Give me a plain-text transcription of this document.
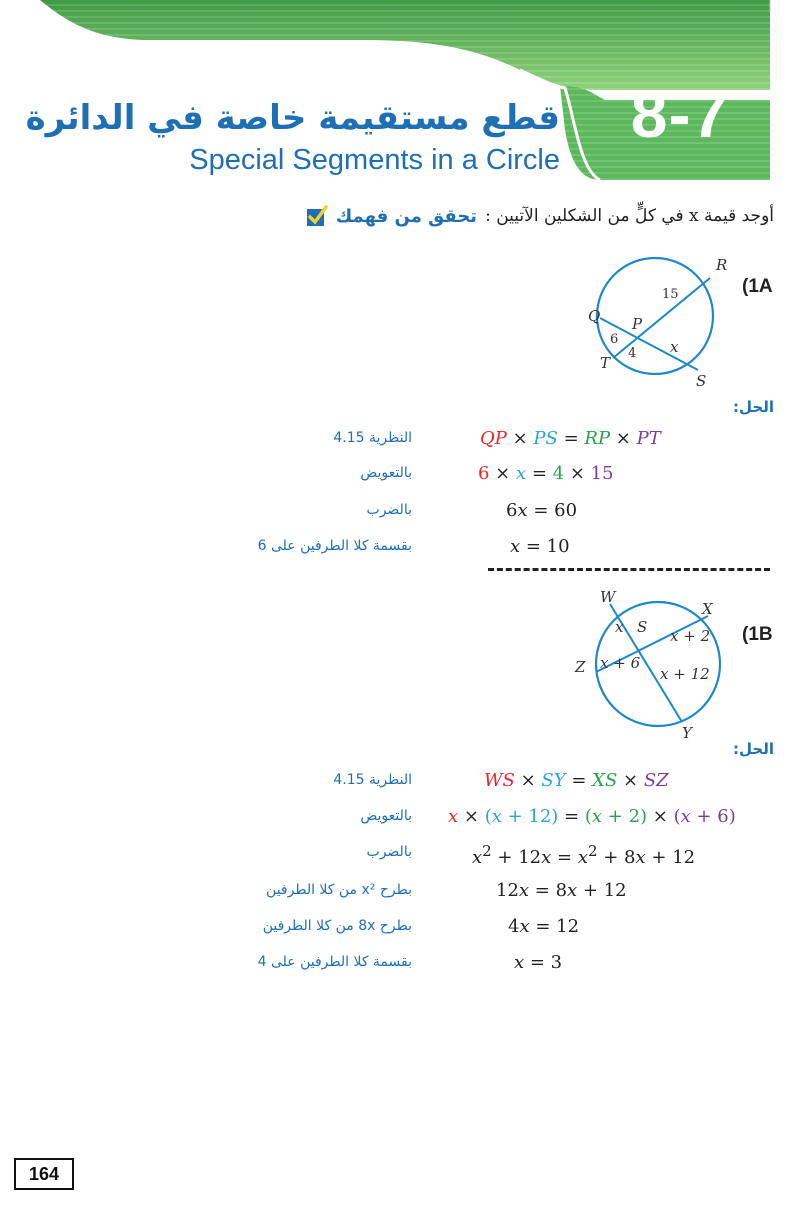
8-7
قطع مستقيمة خاصة في الدائرة
Special Segments in a Circle
تحقق من فهمك أوجد قيمة x في كلٍّ من الشكلين الآتيين :
(1A
R
Q P
T
S
15
6
4 x
الحل:
QP × PS = RP × PT
النظرية 4.15
6 × x = 4 × 15
بالتعويض
6x = 60
بالضرب
x = 10
بقسمة كلا الطرفين على 6
(1B
W
X
S
Z
Y
x	x + 2
x + 6
x + 12
الحل:
WS × SY = XS × SZ
النظرية 4.15
x × (x + 12) = (x + 2) × (x + 6)
بالتعويض
$x^2 + 12x = x^2 + 8x + 12$
بالضرب
12x = 8x + 12
بطرح x² من كلا الطرفين
4x = 12
بطرح 8x من كلا الطرفين
x = 3
بقسمة كلا الطرفين على 4
164
